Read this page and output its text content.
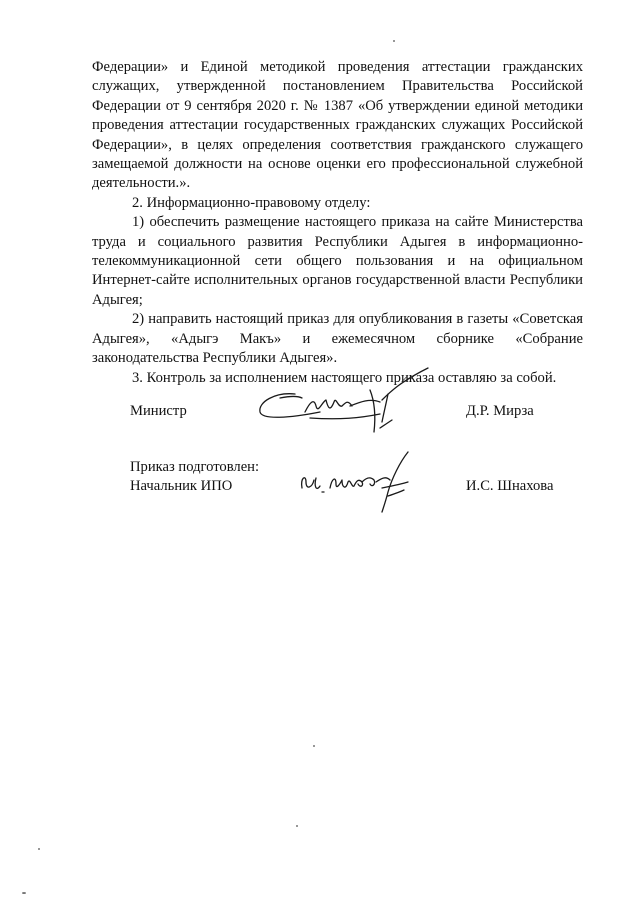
Федерации» и Единой методикой проведения аттестации гражданских служащих, утвержденной постановлением Правительства Российской Федерации от 9 сентября 2020 г. № 1387 «Об утверждении единой методики проведения аттестации государственных гражданских служащих Российской Федерации», в целях определения соответствия гражданского служащего замещаемой должности на основе оценки его профессиональной служебной деятельности.».

2. Информационно-правовому отделу:

1) обеспечить размещение настоящего приказа на сайте Министерства труда и социального развития Республики Адыгея в информационно-телекоммуникационной сети общего пользования и на официальном Интернет-сайте исполнительных органов государственной власти Республики Адыгея;

2) направить настоящий приказ для опубликования в газеты «Советская Адыгея», «Адыгэ Макъ» и ежемесячном сборнике «Собрание законодательства Республики Адыгея».

3. Контроль за исполнением настоящего приказа оставляю за собой.

Министр	Д.Р. Мирза
Приказ подготовлен:
Начальник ИПО	И.С. Шнахова
